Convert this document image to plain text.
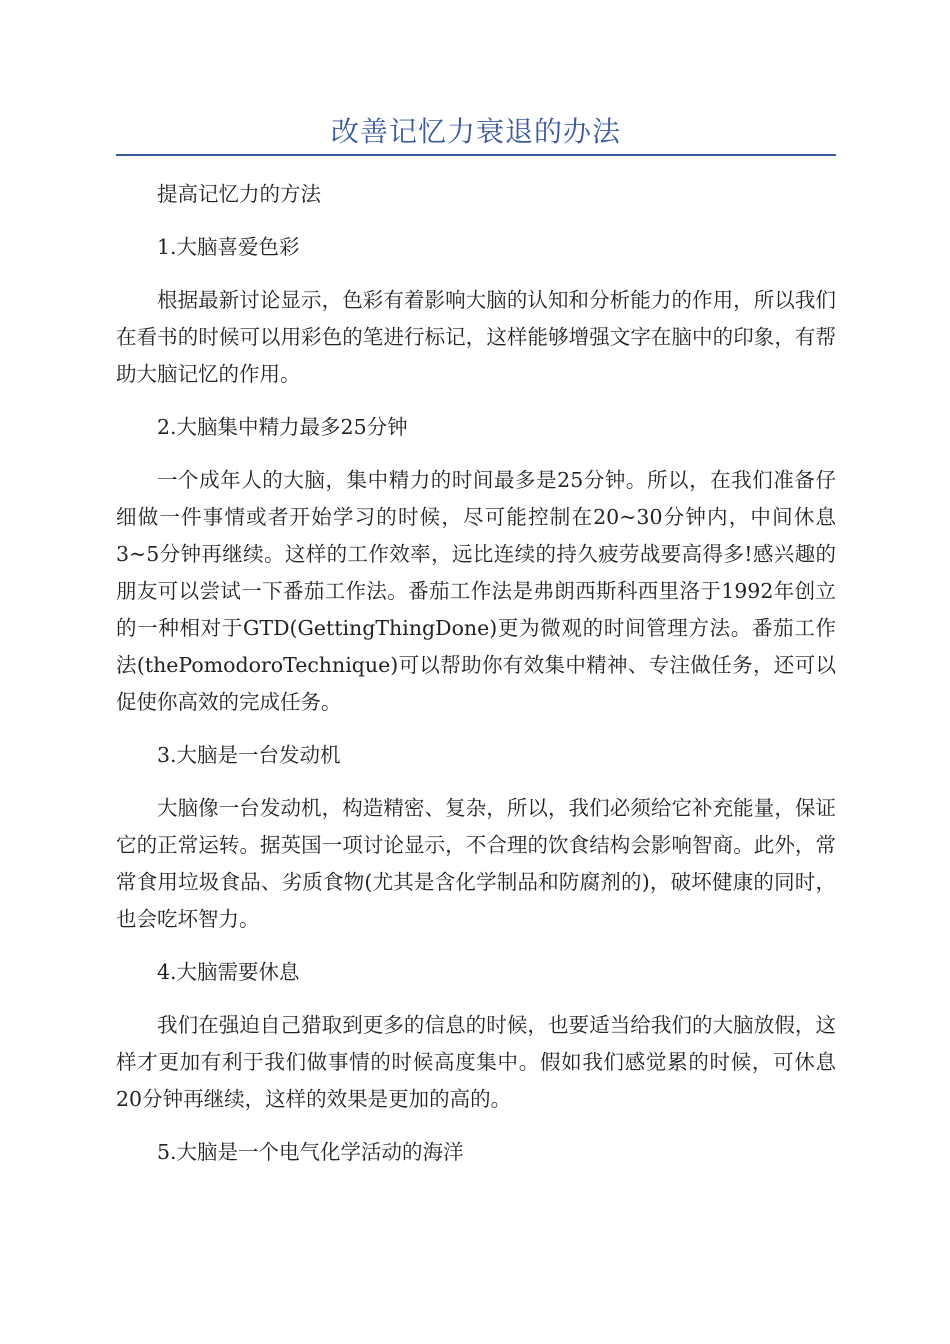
改善记忆力衰退的办法

提高记忆力的方法

1.大脑喜爱色彩

根据最新讨论显示，色彩有着影响大脑的认知和分析能力的作用，所以我们在看书的时候可以用彩色的笔进行标记，这样能够增强文字在脑中的印象，有帮助大脑记忆的作用。

2.大脑集中精力最多25分钟

一个成年人的大脑，集中精力的时间最多是25分钟。所以，在我们准备仔细做一件事情或者开始学习的时候，尽可能控制在20~30分钟内，中间休息3~5分钟再继续。这样的工作效率，远比连续的持久疲劳战要高得多!感兴趣的朋友可以尝试一下番茄工作法。番茄工作法是弗朗西斯科西里洛于1992年创立的一种相对于GTD(GettingThingDone)更为微观的时间管理方法。番茄工作法(thePomodoroTechnique)可以帮助你有效集中精神、专注做任务，还可以促使你高效的完成任务。

3.大脑是一台发动机

大脑像一台发动机，构造精密、复杂，所以，我们必须给它补充能量，保证它的正常运转。据英国一项讨论显示，不合理的饮食结构会影响智商。此外，常常食用垃圾食品、劣质食物(尤其是含化学制品和防腐剂的)，破坏健康的同时，也会吃坏智力。

4.大脑需要休息

我们在强迫自己猎取到更多的信息的时候，也要适当给我们的大脑放假，这样才更加有利于我们做事情的时候高度集中。假如我们感觉累的时候，可休息20分钟再继续，这样的效果是更加的高的。

5.大脑是一个电气化学活动的海洋
